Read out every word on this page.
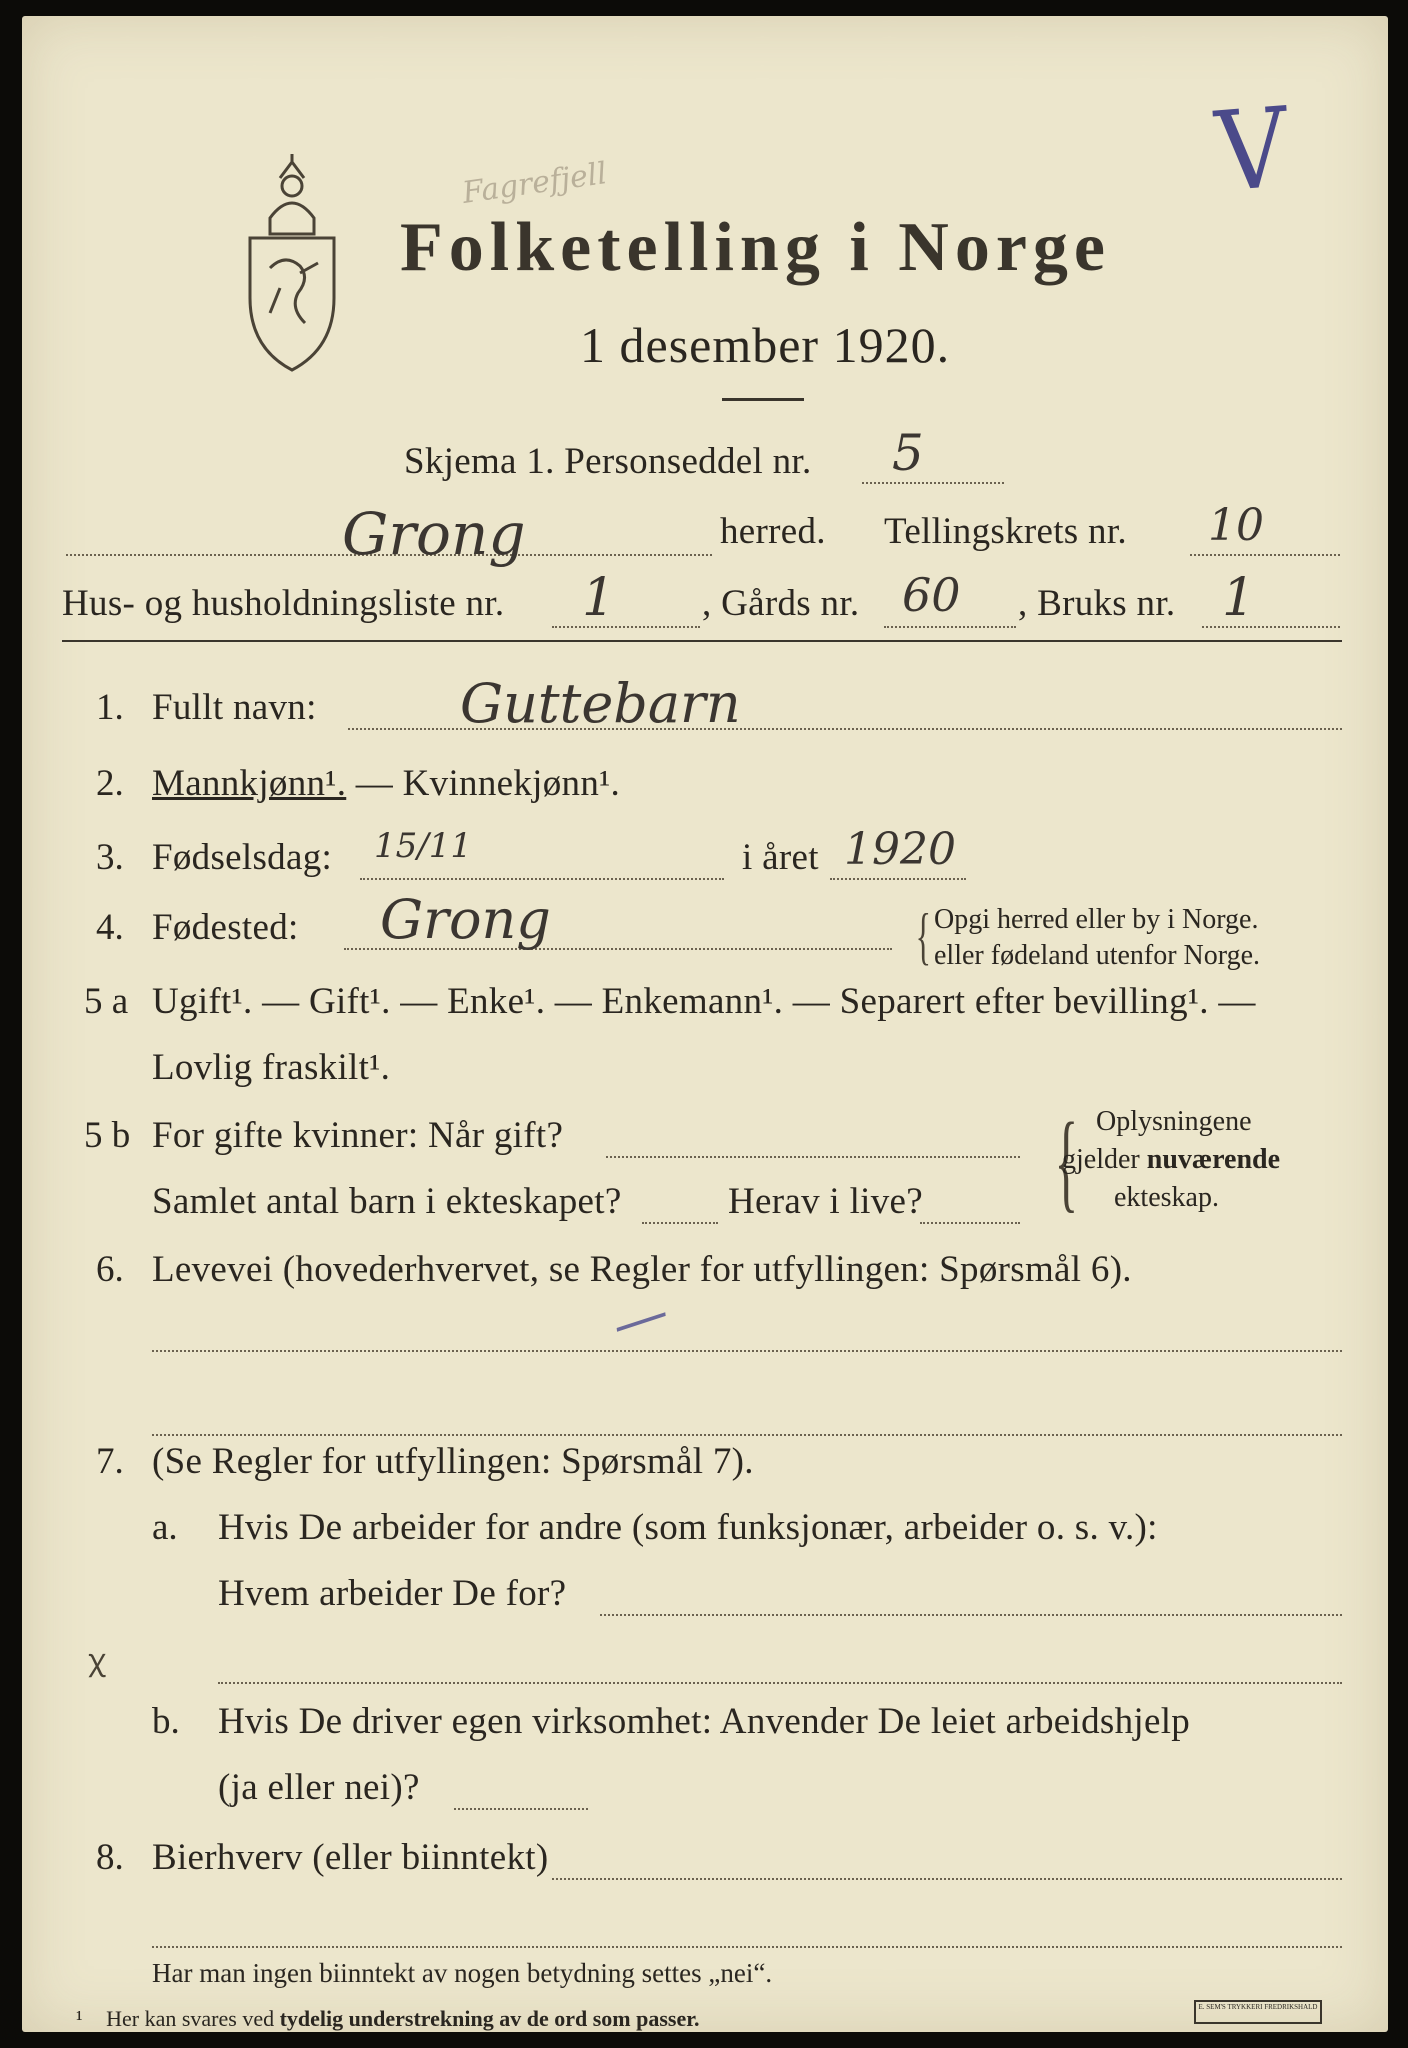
Folketelling i Norge
1 desember 1920.
V
Fagrefjell
Skjema 1. Personseddel nr. 5
Grong	herred. Tellingskrets nr. 10
Hus- og husholdningsliste nr. 1 , Gårds nr. 60 , Bruks nr. 1
1. Fullt navn:	Guttebarn
2. Mannkjønn¹. — Kvinnekjønn¹.
3. Fødselsdag: 15/11	i året 1920
4. Fødested: Grong	{ Opgi herred eller by i Norge.
eller fødeland utenfor Norge.
5 a Ugift¹. — Gift¹. — Enke¹. — Enkemann¹. — Separert efter bevilling¹. —
Lovlig fraskilt¹.
5 b For gifte kvinner: Når gift?
Samlet antal barn i ekteskapet?	Herav i live? { Oplysningene
gjelder nuværende
ekteskap.
6. Levevei (hovederhvervet, se Regler for utfyllingen: Spørsmål 6).
—
7. (Se Regler for utfyllingen: Spørsmål 7).
a. Hvis De arbeider for andre (som funksjonær, arbeider o. s. v.):
Hvem arbeider De for?
ꭓ
b. Hvis De driver egen virksomhet: Anvender De leiet arbeidshjelp
(ja eller nei)?
8. Bierhverv (eller biinntekt)
Har man ingen biinntekt av nogen betydning settes „nei“.
¹ Her kan svares ved tydelig understrekning av de ord som passer.	E. SEM'S TRYKKERI FREDRIKSHALD
